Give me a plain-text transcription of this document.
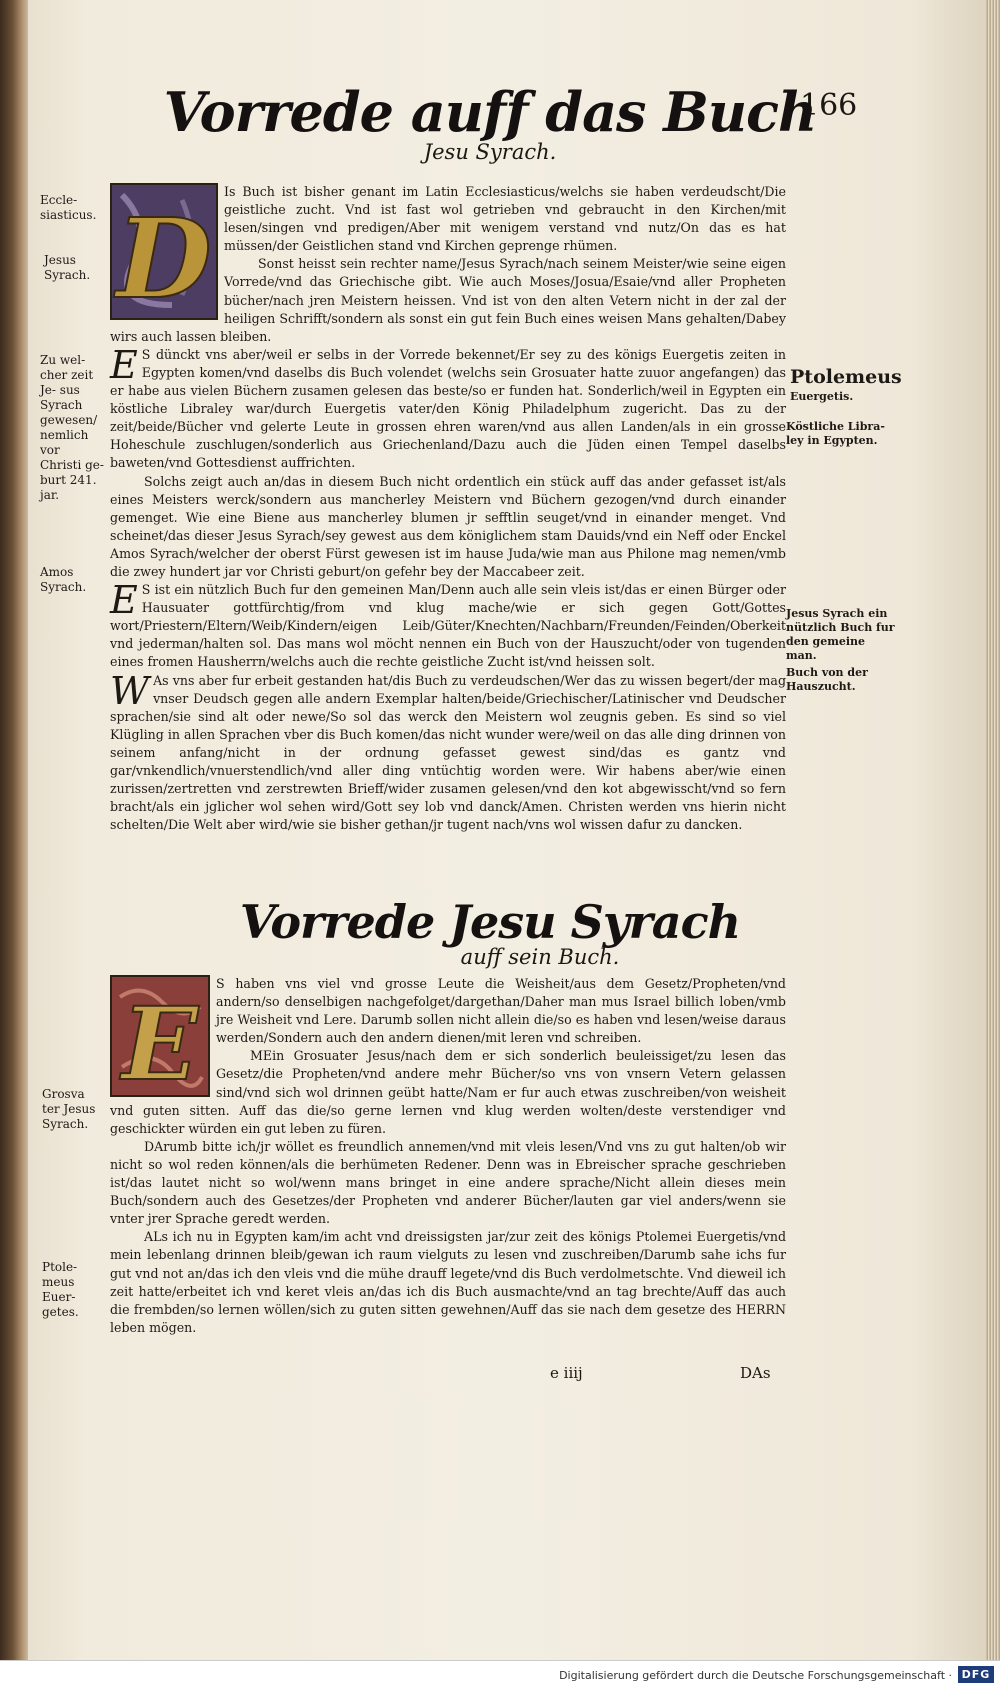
166
Vorrede auff das Buch
Jesu Syrach.
D

Is Buch ist bisher genant im Latin Ecclesiasticus/welchs sie haben verdeudscht/Die geistliche zucht. Vnd ist fast wol getrieben vnd gebraucht in den Kirchen/mit lesen/singen vnd predigen/Aber mit wenigem verstand vnd nutz/On das es hat müssen/der Geistlichen stand vnd Kirchen geprenge rhümen.

Sonst heisst sein rechter name/Jesus Syrach/nach seinem Meister/wie seine eigen Vorrede/vnd das Griechische gibt. Wie auch Moses/Josua/Esaie/vnd aller Propheten bücher/nach jren Meistern heissen. Vnd ist von den alten Vetern nicht in der zal der heiligen Schrifft/sondern als sonst ein gut fein Buch eines weisen Mans gehalten/Dabey wirs auch lassen bleiben.

E S dünckt vns aber/weil er selbs in der Vorrede bekennet/Er sey zu des königs Euergetis zeiten in Egypten komen/vnd daselbs dis Buch volendet (welchs sein Grosuater hatte zuuor angefangen) das er habe aus vielen Büchern zusamen gelesen das beste/so er funden hat. Sonderlich/weil in Egypten ein köstliche Libraley war/durch Euergetis vater/den König Philadelphum zugericht. Das zu der zeit/beide/Bücher vnd gelerte Leute in grossen ehren waren/vnd aus allen Landen/als in ein grosse Hoheschule zuschlugen/sonderlich aus Griechenland/Dazu auch die Jüden einen Tempel daselbs baweten/vnd Gottesdienst auffrichten.

Solchs zeigt auch an/das in diesem Buch nicht ordentlich ein stück auff das ander gefasset ist/als eines Meisters werck/sondern aus mancherley Meistern vnd Büchern gezogen/vnd durch einander gemenget. Wie eine Biene aus mancherley blumen jr sefftlin seuget/vnd in einander menget. Vnd scheinet/das dieser Jesus Syrach/sey gewest aus dem königlichem stam Dauids/vnd ein Neff oder Enckel Amos Syrach/welcher der oberst Fürst gewesen ist im hause Juda/wie man aus Philone mag nemen/vmb die zwey hundert jar vor Christi geburt/on gefehr bey der Maccabeer zeit.

E S ist ein nützlich Buch fur den gemeinen Man/Denn auch alle sein vleis ist/das er einen Bürger oder Hausuater gottfürchtig/from vnd klug mache/wie er sich gegen Gott/Gottes wort/Priestern/Eltern/Weib/Kindern/eigen Leib/Güter/Knechten/Nachbarn/Freunden/Feinden/Oberkeit vnd jederman/halten sol. Das mans wol möcht nennen ein Buch von der Hauszucht/oder von tugenden eines fromen Hausherrn/welchs auch die rechte geistliche Zucht ist/vnd heissen solt.

W As vns aber fur erbeit gestanden hat/dis Buch zu verdeudschen/Wer das zu wissen begert/der mag vnser Deudsch gegen alle andern Exemplar halten/beide/Griechischer/Latinischer vnd Deudscher sprachen/sie sind alt oder newe/So sol das werck den Meistern wol zeugnis geben. Es sind so viel Klügling in allen Sprachen vber dis Buch komen/das nicht wunder were/weil on das alle ding drinnen von seinem anfang/nicht in der ordnung gefasset gewest sind/das es gantz vnd gar/vnkendlich/vnuerstendlich/vnd aller ding vntüchtig worden were. Wir habens aber/wie einen zurissen/zertretten vnd zerstrewten Brieff/wider zusamen gelesen/vnd den kot abgewisscht/vnd so fern bracht/als ein jglicher wol sehen wird/Gott sey lob vnd danck/Amen. Christen werden vns hierin nicht schelten/Die Welt aber wird/wie sie bisher gethan/jr tugent nach/vns wol wissen dafur zu dancken.

Vorrede Jesu Syrach
auff sein Buch.
E

S haben vns viel vnd grosse Leute die Weisheit/aus dem Gesetz/Propheten/vnd andern/so denselbigen nachgefolget/dargethan/Daher man mus Israel billich loben/vmb jre Weisheit vnd Lere. Darumb sollen nicht allein die/so es haben vnd lesen/weise daraus werden/Sondern auch den andern dienen/mit leren vnd schreiben.

MEin Grosuater Jesus/nach dem er sich sonderlich beuleissiget/zu lesen das Gesetz/die Propheten/vnd andere mehr Bücher/so vns von vnsern Vetern gelassen sind/vnd sich wol drinnen geübt hatte/Nam er fur auch etwas zuschreiben/von weisheit vnd guten sitten. Auff das die/so gerne lernen vnd klug werden wolten/deste verstendiger vnd geschickter würden ein gut leben zu füren.

DArumb bitte ich/jr wöllet es freundlich annemen/vnd mit vleis lesen/Vnd vns zu gut halten/ob wir nicht so wol reden können/als die berhümeten Redener. Denn was in Ebreischer sprache geschrieben ist/das lautet nicht so wol/wenn mans bringet in eine andere sprache/Nicht allein dieses mein Buch/sondern auch des Gesetzes/der Propheten vnd anderer Bücher/lauten gar viel anders/wenn sie vnter jrer Sprache geredt werden.

ALs ich nu in Egypten kam/im acht vnd dreissigsten jar/zur zeit des königs Ptolemei Euergetis/vnd mein lebenlang drinnen bleib/gewan ich raum vielguts zu lesen vnd zuschreiben/Darumb sahe ichs fur gut vnd not an/das ich den vleis vnd die mühe drauff legete/vnd dis Buch verdolmetschte. Vnd dieweil ich zeit hatte/erbeitet ich vnd keret vleis an/das ich dis Buch ausmachte/vnd an tag brechte/Auff das auch die frembden/so lernen wöllen/sich zu guten sitten gewehnen/Auff das sie nach dem gesetze des HERRN leben mögen.

e iiij	DAs
Eccle- siasticus.
Jesus Syrach.
Zu wel- cher zeit Je- sus Syrach gewesen/ nemlich vor Christi ge- burt 241. jar.
Amos Syrach.
Grosva ter Jesus Syrach.
Ptole- meus Euer- getes.
Ptolemeus
Euergetis.
Köstliche Libra- ley in Egypten.
Jesus Syrach ein nützlich Buch fur den gemeine man.
Buch von der Hauszucht.
Digitalisierung gefördert durch die Deutsche Forschungsgemeinschaft · DFG
